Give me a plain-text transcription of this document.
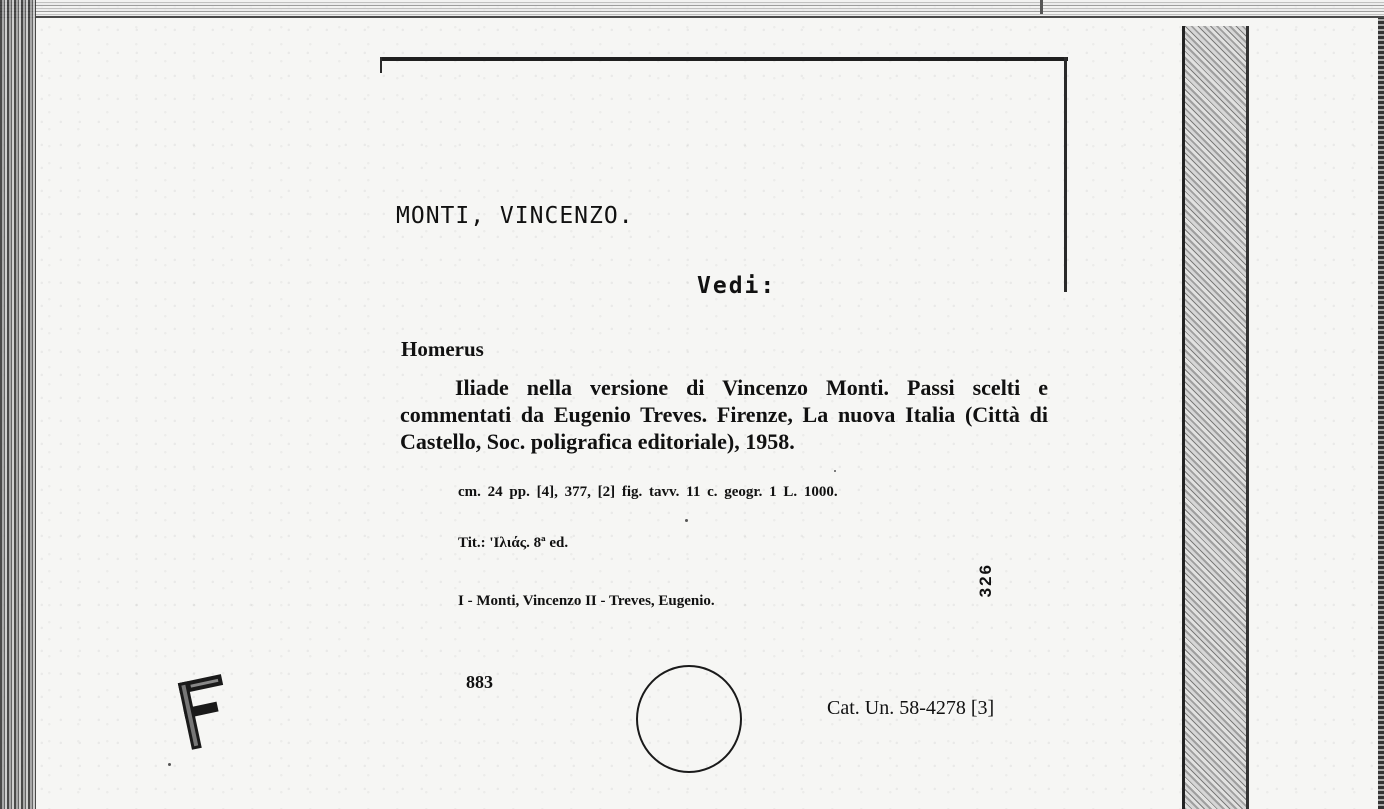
MONTI, VINCENZO.
Vedi:
Homerus
Iliade nella versione di Vincenzo Monti. Passi scelti e commentati da Eugenio Treves. Firenze, La nuova Italia (Città di Castello, Soc. poligrafica editoriale), 1958.
cm. 24 pp. [4], 377, [2] fig. tavv. 11 c. geogr. 1 L. 1000.
Tit.: 'Ιλιάς. 8ª ed.
I - Monti, Vincenzo II - Treves, Eugenio.
326
883
Cat. Un. 58-4278 [3]
